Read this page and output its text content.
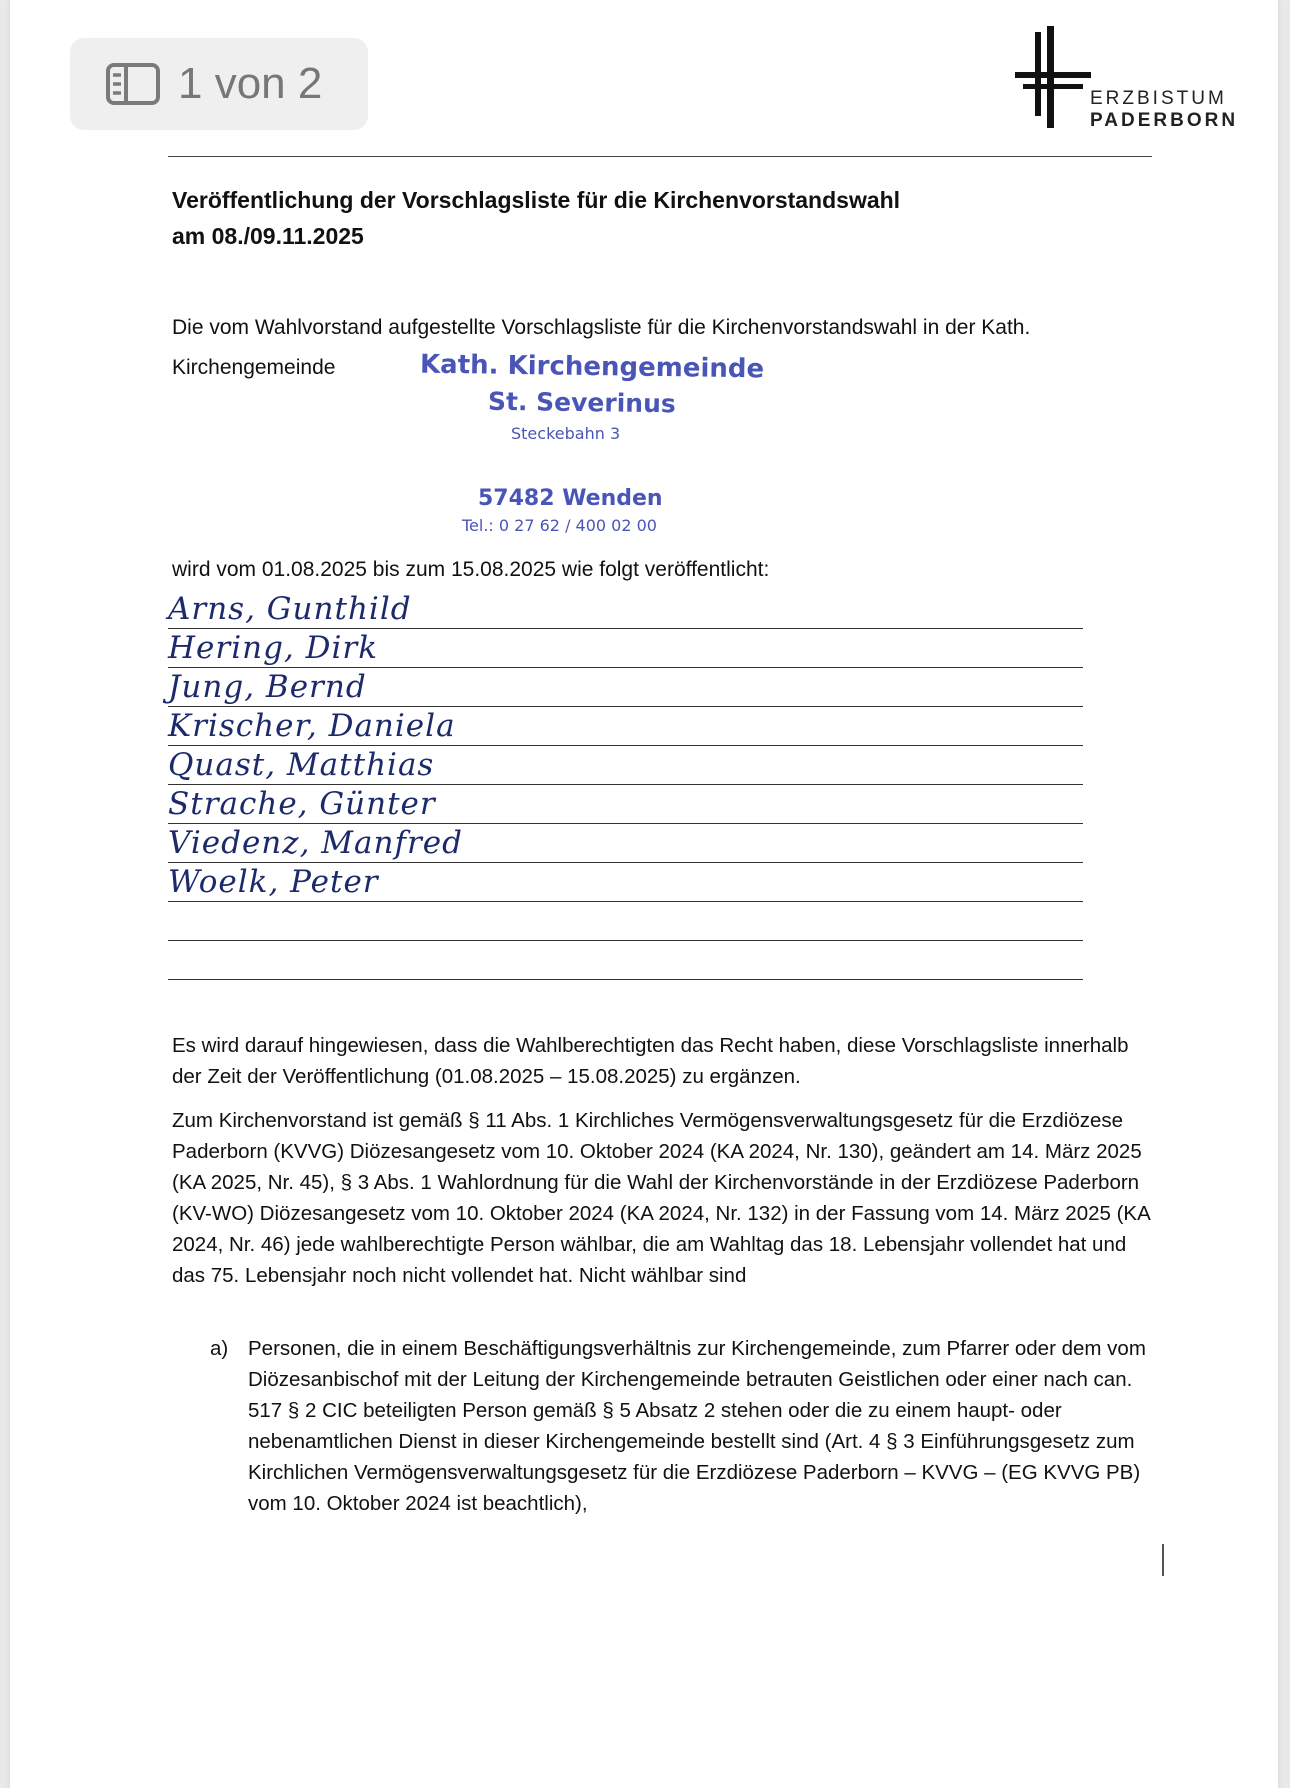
1 von 2	ERZBISTUM
PADERBORN
Veröffentlichung der Vorschlagsliste für die Kirchenvorstandswahl
am 08./09.11.2025
Die vom Wahlvorstand aufgestellte Vorschlagsliste für die Kirchenvorstandswahl in der Kath.
Kirchengemeinde	Kath. Kirchengemeinde
St. Severinus
Steckebahn 3
57482 Wenden
Tel.: 0 27 62 / 400 02 00
wird vom 01.08.2025 bis zum 15.08.2025 wie folgt veröffentlicht:
Arns, Gunthild
Hering, Dirk
Jung, Bernd
Krischer, Daniela
Quast, Matthias
Strache, Günter
Viedenz, Manfred
Woelk, Peter
Es wird darauf hingewiesen, dass die Wahlberechtigten das Recht haben, diese Vorschlagsliste innerhalb der Zeit der Veröffentlichung (01.08.2025 – 15.08.2025) zu ergänzen.
Zum Kirchenvorstand ist gemäß § 11 Abs. 1 Kirchliches Vermögensverwaltungsgesetz für die Erzdiözese Paderborn (KVVG) Diözesangesetz vom 10. Oktober 2024 (KA 2024, Nr. 130), geändert am 14. März 2025 (KA 2025, Nr. 45), § 3 Abs. 1 Wahlordnung für die Wahl der Kirchenvorstände in der Erzdiözese Paderborn (KV-WO) Diözesangesetz vom 10. Oktober 2024 (KA 2024, Nr. 132) in der Fassung vom 14. März 2025 (KA 2024, Nr. 46) jede wahlberechtigte Person wählbar, die am Wahltag das 18. Lebensjahr vollendet hat und das 75. Lebensjahr noch nicht vollendet hat. Nicht wählbar sind
a) Personen, die in einem Beschäftigungsverhältnis zur Kirchengemeinde, zum Pfarrer oder dem vom Diözesanbischof mit der Leitung der Kirchengemeinde betrauten Geistlichen oder einer nach can. 517 § 2 CIC beteiligten Person gemäß § 5 Absatz 2 stehen oder die zu einem haupt- oder nebenamtlichen Dienst in dieser Kirchengemeinde bestellt sind (Art. 4 § 3 Einführungsgesetz zum Kirchlichen Vermögensverwaltungsgesetz für die Erzdiözese Paderborn – KVVG – (EG KVVG PB) vom 10. Oktober 2024 ist beachtlich),
